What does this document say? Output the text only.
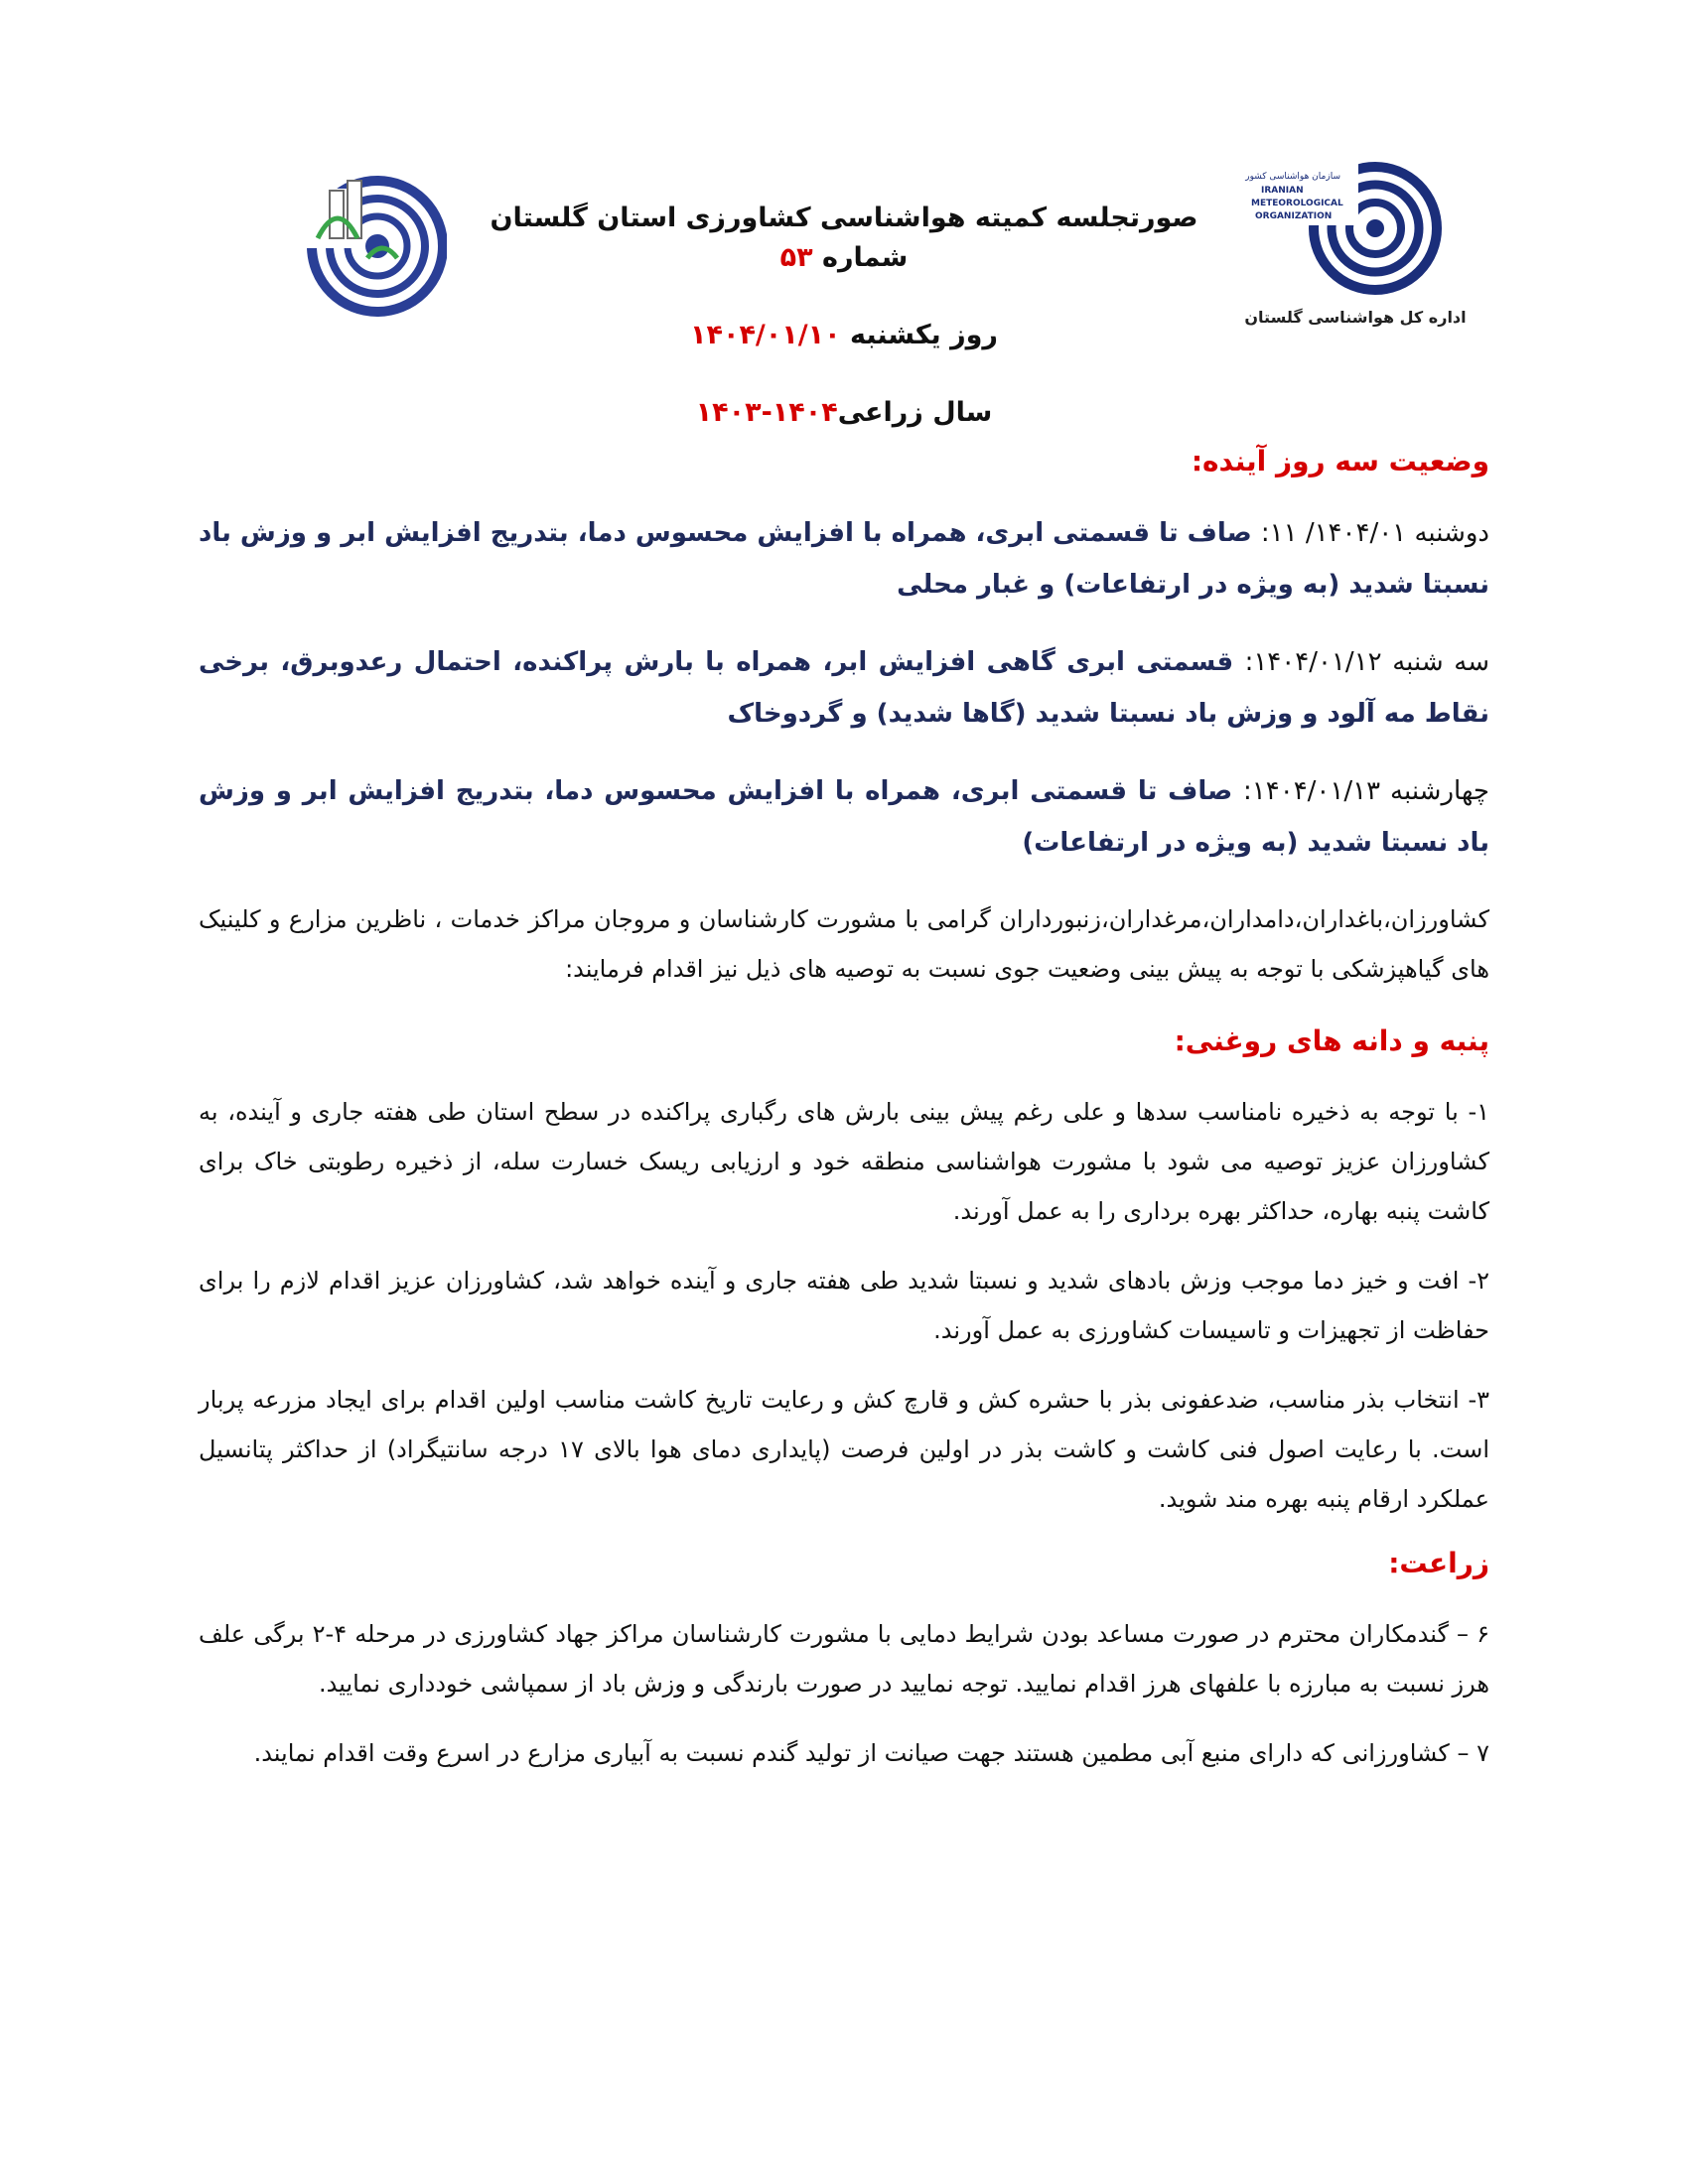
سازمان هواشناسی کشور
IRANIAN
METEOROLOGICAL
ORGANIZATION
اداره کل هواشناسی گلستان
صورتجلسه کمیته هواشناسی کشاورزی استان گلستان شماره ۵۳
روز یکشنبه ۱۴۰۴/۰۱/۱۰
سال زراعی۱۴۰۴-۱۴۰۳
وضعیت سه روز آینده:
دوشنبه ۱۴۰۴/۰۱/ ۱۱: صاف تا قسمتی ابری، همراه با افزایش محسوس دما، بتدریج افزایش ابر و وزش باد نسبتا شدید (به ویژه در ارتفاعات) و غبار محلی
سه شنبه ۱۴۰۴/۰۱/۱۲: قسمتی ابری گاهی افزایش ابر، همراه با بارش پراکنده، احتمال رعدوبرق، برخی نقاط مه آلود و وزش باد نسبتا شدید (گاها شدید) و گردوخاک
چهارشنبه ۱۴۰۴/۰۱/۱۳: صاف تا قسمتی ابری، همراه با افزایش محسوس دما، بتدریج افزایش ابر و وزش باد نسبتا شدید (به ویژه در ارتفاعات)
کشاورزان،باغداران،دامداران،مرغداران،زنبورداران گرامی با مشورت کارشناسان و مروجان مراکز خدمات ، ناظرین مزارع و کلینیک های گیاهپزشکی با توجه به پیش بینی وضعیت جوی نسبت به توصیه های ذیل نیز اقدام فرمایند:
پنبه و دانه های روغنی:
۱- با توجه به ذخیره نامناسب سدها و علی رغم پیش بینی بارش های رگباری پراکنده در سطح استان طی هفته جاری و آینده، به کشاورزان عزیز توصیه می شود با مشورت هواشناسی منطقه خود و ارزیابی ریسک خسارت سله، از ذخیره رطوبتی خاک برای کاشت پنبه بهاره، حداکثر بهره برداری را به عمل آورند.
۲- افت و خیز دما موجب وزش بادهای شدید و نسبتا شدید طی هفته جاری و آینده خواهد شد، کشاورزان عزیز اقدام لازم را برای حفاظت از تجهیزات و تاسیسات کشاورزی به عمل آورند.
۳- انتخاب بذر مناسب، ضدعفونی بذر با حشره کش و قارچ کش و رعایت تاریخ کاشت مناسب اولین اقدام برای ایجاد مزرعه پربار است. با رعایت اصول فنی کاشت و کاشت بذر در اولین فرصت (پایداری دمای هوا بالای ۱۷ درجه سانتیگراد) از حداکثر پتانسیل عملکرد ارقام پنبه بهره مند شوید.
زراعت:
۶ – گندمکاران محترم در صورت مساعد بودن شرایط دمایی با مشورت کارشناسان مراکز جهاد کشاورزی در مرحله ۴-۲ برگی علف هرز نسبت به مبارزه با علفهای هرز اقدام نمایید. توجه نمایید در صورت بارندگی و وزش باد از سمپاشی خودداری نمایید.
۷ – کشاورزانی که دارای منبع آبی مطمین هستند جهت صیانت از تولید گندم نسبت به آبیاری مزارع در اسرع وقت اقدام نمایند.
